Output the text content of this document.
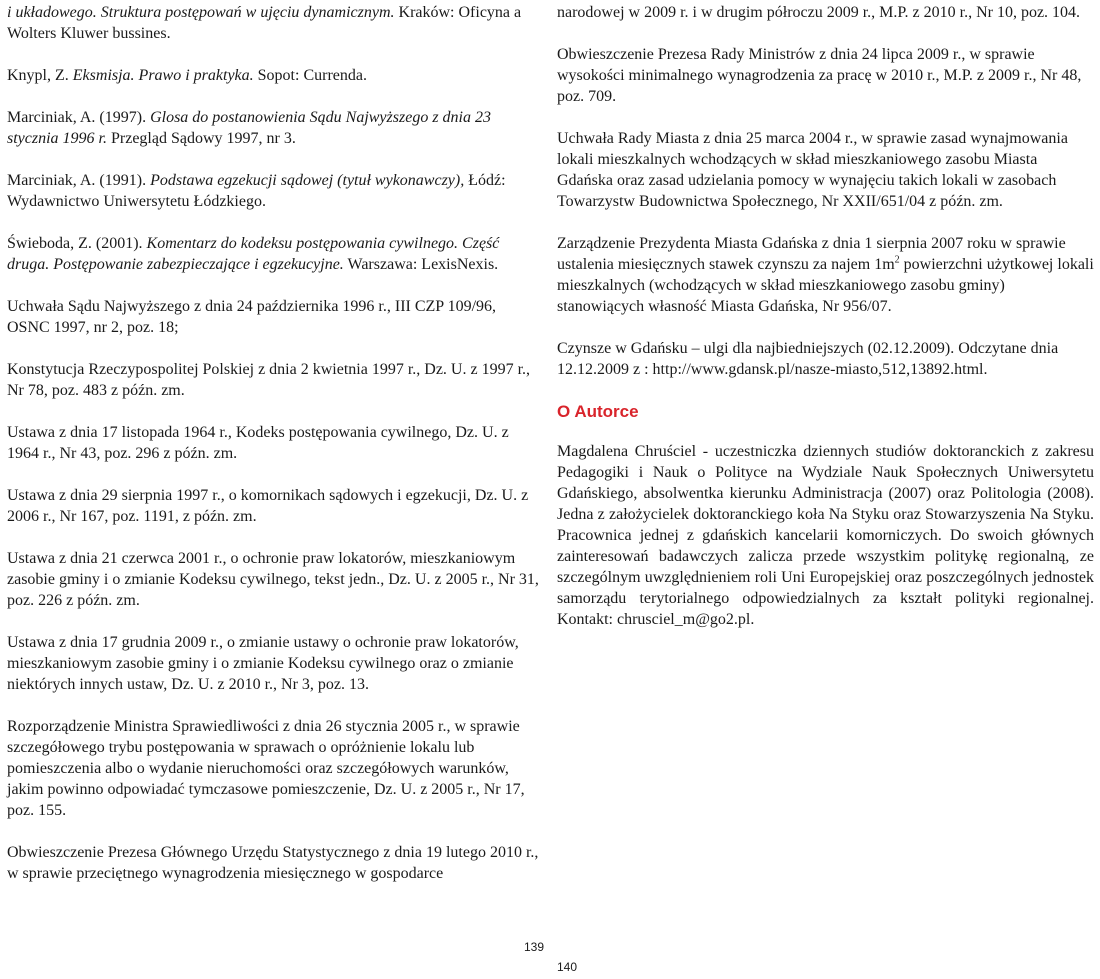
i układowego. Struktura postępowań w ujęciu dynamicznym. Kraków: Oficyna a Wolters Kluwer bussines.

Knypl, Z. Eksmisja. Prawo i praktyka. Sopot: Currenda.

Marciniak, A. (1997). Glosa do postanowienia Sądu Najwyższego z dnia 23 stycznia 1996 r. Przegląd Sądowy 1997, nr 3.

Marciniak, A. (1991). Podstawa egzekucji sądowej (tytuł wykonawczy), Łódź: Wydawnictwo Uniwersytetu Łódzkiego.

Świeboda, Z. (2001). Komentarz do kodeksu postępowania cywilnego. Część druga. Postępowanie zabezpieczające i egzekucyjne. Warszawa: LexisNexis.

Uchwała Sądu Najwyższego z dnia 24 października 1996 r., III CZP 109/96, OSNC 1997, nr 2, poz. 18;

Konstytucja Rzeczypospolitej Polskiej z dnia 2 kwietnia 1997 r., Dz. U. z 1997 r., Nr 78, poz. 483 z późn. zm.

Ustawa z dnia 17 listopada 1964 r., Kodeks postępowania cywilnego, Dz. U. z 1964 r., Nr 43, poz. 296 z późn. zm.

Ustawa z dnia 29 sierpnia 1997 r., o komornikach sądowych i egzekucji, Dz. U. z 2006 r., Nr 167, poz. 1191, z późn. zm.

Ustawa z dnia 21 czerwca 2001 r., o ochronie praw lokatorów, mieszkaniowym zasobie gminy i o zmianie Kodeksu cywilnego, tekst jedn., Dz. U. z 2005 r., Nr 31, poz. 226 z późn. zm.

Ustawa z dnia 17 grudnia 2009 r., o zmianie ustawy o ochronie praw lokatorów, mieszkaniowym zasobie gminy i o zmianie Kodeksu cywilnego oraz o zmianie niektórych innych ustaw, Dz. U. z 2010 r., Nr 3, poz. 13.

Rozporządzenie Ministra Sprawiedliwości z dnia 26 stycznia 2005 r., w sprawie szczegółowego trybu postępowania w sprawach o opróżnienie lokalu lub pomieszczenia albo o wydanie nieruchomości oraz szczegółowych warunków, jakim powinno odpowiadać tymczasowe pomieszczenie, Dz. U. z 2005 r., Nr 17, poz. 155.

Obwieszczenie Prezesa Głównego Urzędu Statystycznego z dnia 19 lutego 2010 r., w sprawie przeciętnego wynagrodzenia miesięcznego w gospodarce

narodowej w 2009 r. i w drugim półroczu 2009 r., M.P. z 2010 r., Nr 10, poz. 104.

Obwieszczenie Prezesa Rady Ministrów z dnia 24 lipca 2009 r., w sprawie wysokości minimalnego wynagrodzenia za pracę w 2010 r., M.P. z 2009 r., Nr 48, poz. 709.

Uchwała Rady Miasta z dnia 25 marca 2004 r., w sprawie zasad wynajmowania lokali mieszkalnych wchodzących w skład mieszkaniowego zasobu Miasta Gdańska oraz zasad udzielania pomocy w wynajęciu takich lokali w zasobach Towarzystw Budownictwa Społecznego, Nr XXII/651/04 z późn. zm.

Zarządzenie Prezydenta Miasta Gdańska z dnia 1 sierpnia 2007 roku w sprawie ustalenia miesięcznych stawek czynszu za najem $1m^2$ powierzchni użytkowej lokali mieszkalnych (wchodzących w skład mieszkaniowego zasobu gminy) stanowiących własność Miasta Gdańska, Nr 956/07.

Czynsze w Gdańsku – ulgi dla najbiedniejszych (02.12.2009). Odczytane dnia 12.12.2009 z : http://www.gdansk.pl/nasze-miasto,512,13892.html.

O Autorce

Magdalena Chruściel - uczestniczka dziennych studiów doktoranckich z zakresu Pedagogiki i Nauk o Polityce na Wydziale Nauk Społecznych Uniwersytetu Gdańskiego, absolwentka kierunku Administracja (2007) oraz Politologia (2008). Jedna z założycielek doktoranckiego koła Na Styku oraz Stowarzyszenia Na Styku. Pracownica jednej z gdańskich kancelarii komorniczych. Do swoich głównych zainteresowań badawczych zalicza przede wszystkim politykę regionalną, ze szczególnym uwzględnieniem roli Uni Europejskiej oraz poszczególnych jednostek samorządu terytorialnego odpowiedzialnych za kształt polityki regionalnej. Kontakt: chrusciel_m@go2.pl.

139
140
